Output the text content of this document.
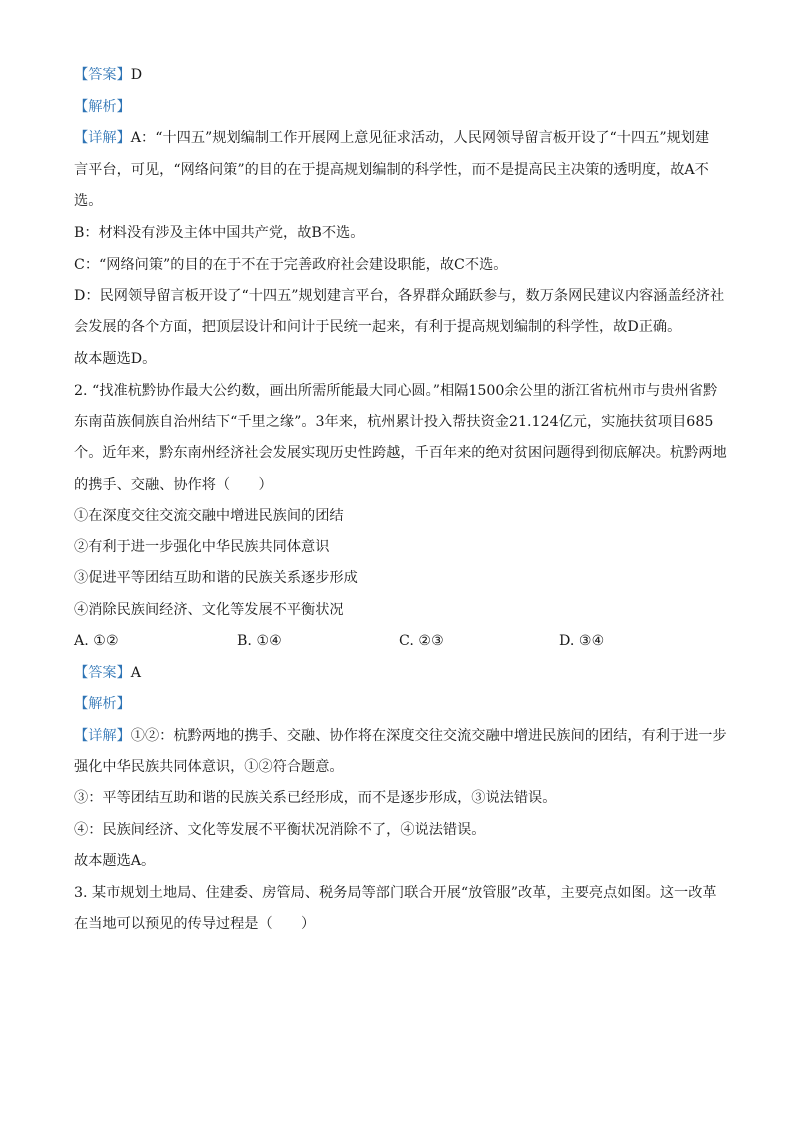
【答案】D
【解析】
【详解】A：“十四五”规划编制工作开展网上意见征求活动，人民网领导留言板开设了“十四五”规划建
言平台，可见，“网络问策”的目的在于提高规划编制的科学性，而不是提高民主决策的透明度，故A不
选。
B：材料没有涉及主体中国共产党，故B不选。
C：“网络问策”的目的在于不在于完善政府社会建设职能，故C不选。
D：民网领导留言板开设了“十四五”规划建言平台，各界群众踊跃参与，数万条网民建议内容涵盖经济社
会发展的各个方面，把顶层设计和问计于民统一起来，有利于提高规划编制的科学性，故D正确。
故本题选D。
2. “找准杭黔协作最大公约数，画出所需所能最大同心圆。”相隔1500余公里的浙江省杭州市与贵州省黔
东南苗族侗族自治州结下“千里之缘”。3年来，杭州累计投入帮扶资金21.124亿元，实施扶贫项目685
个。近年来，黔东南州经济社会发展实现历史性跨越，千百年来的绝对贫困问题得到彻底解决。杭黔两地
的携手、交融、协作将（　　）
①在深度交往交流交融中增进民族间的团结
②有利于进一步强化中华民族共同体意识
③促进平等团结互助和谐的民族关系逐步形成
④消除民族间经济、文化等发展不平衡状况
A. ①②	B. ①④	C. ②③	D. ③④
【答案】A
【解析】
【详解】①②：杭黔两地的携手、交融、协作将在深度交往交流交融中增进民族间的团结，有利于进一步
强化中华民族共同体意识，①②符合题意。
③：平等团结互助和谐的民族关系已经形成，而不是逐步形成，③说法错误。
④：民族间经济、文化等发展不平衡状况消除不了，④说法错误。
故本题选A。
3. 某市规划土地局、住建委、房管局、税务局等部门联合开展“放管服”改革，主要亮点如图。这一改革
在当地可以预见的传导过程是（　　）
